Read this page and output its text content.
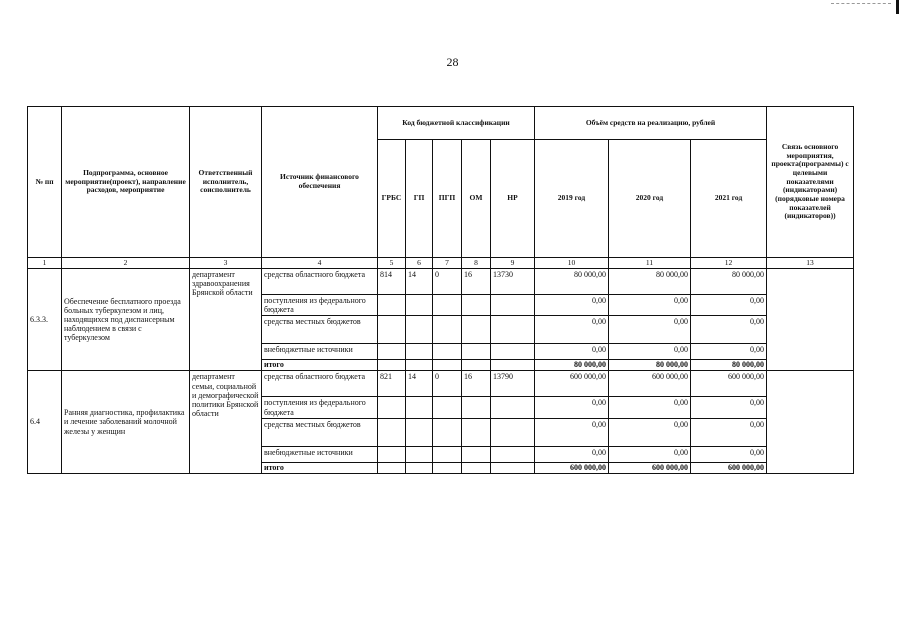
28
№ пп	Подпрограмма, основное мероприятие(проект), направление расходов, мероприятие	Ответственный исполнитель, соисполнитель	Источник финансового обеспечения	Код бюджетной классификации					Объём средств на реализацию, рублей			Связь основного мероприятия, проекта(программы) с целевыми показателями (индикаторами) (порядковые номера показателей (индикаторов))
				ГРБС	ГП	ПГП	ОМ	НР	2019 год	2020 год	2021 год	
1	2	3	4	5	6	7	8	9	10	11	12	13
6.3.3.	Обеспечение бесплатного проезда больных туберкулезом и лиц, находящихся под диспансерным наблюдением в связи с туберкулезом	департамент здравоохранения Брянской области	средства областного бюджета	814	14	0	16	13730	80 000,00	80 000,00	80 000,00	
			поступления из федерального бюджета						0,00	0,00	0,00	
			средства местных бюджетов						0,00	0,00	0,00	
			внебюджетные источники						0,00	0,00	0,00	
			итого						80 000,00	80 000,00	80 000,00	
6.4	Ранняя диагностика, профилактика и лечение заболеваний молочной железы у женщин	департамент семьи, социальной и демографической политики Брянской области	средства областного бюджета	821	14	0	16	13790	600 000,00	600 000,00	600 000,00	
			поступления из федерального бюджета						0,00	0,00	0,00	
			средства местных бюджетов						0,00	0,00	0,00	
			внебюджетные источники						0,00	0,00	0,00	
			итого						600 000,00	600 000,00	600 000,00	
